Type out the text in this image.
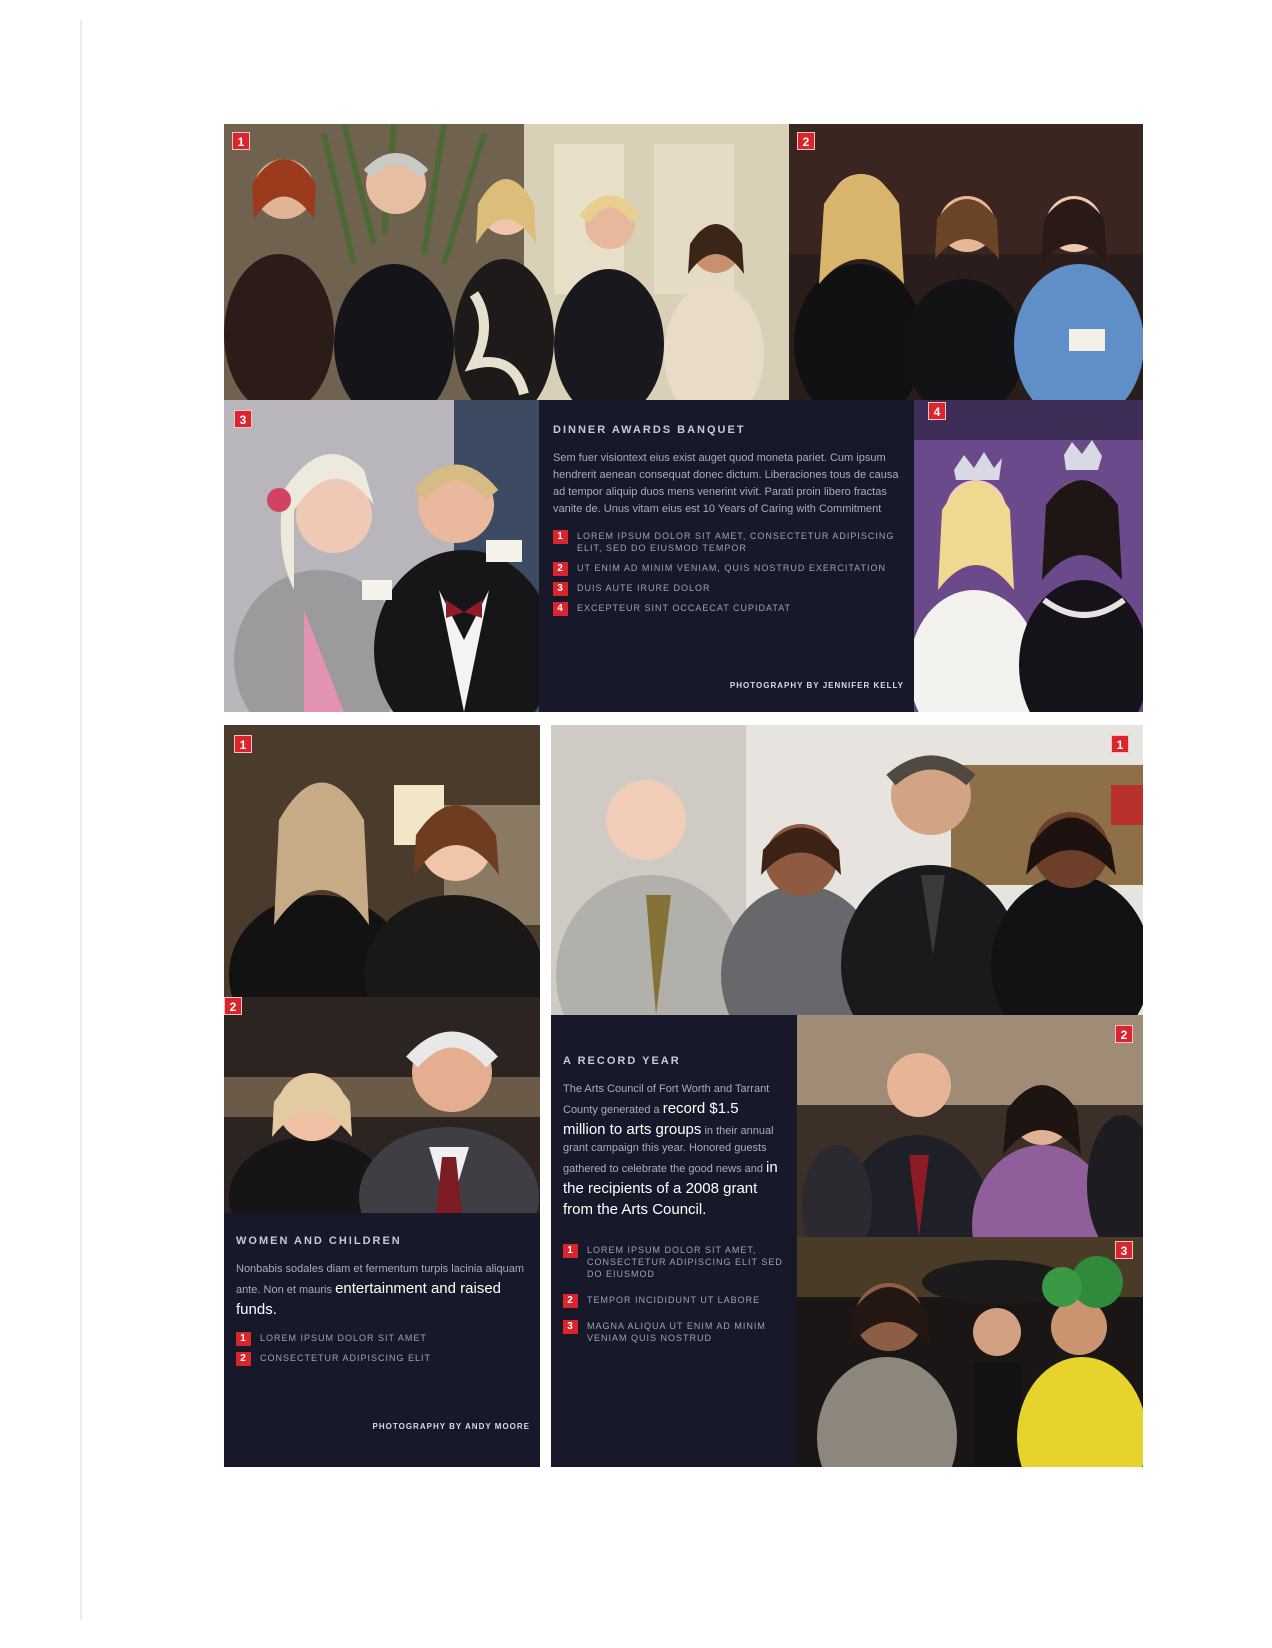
1	2
3
DINNER AWARDS BANQUET

Sem fuer visiontext eius exist auget quod moneta pariet. Cum ipsum hendrerit aenean consequat donec dictum. Liberaciones tous de causa ad tempor aliquip duos mens venerint vivit. Parati proin libero fractas vanite de. Unus vitam eius est 10 Years of Caring with Commitment

1	LOREM IPSUM DOLOR SIT AMET, CONSECTETUR ADIPISCING ELIT, SED DO EIUSMOD TEMPOR
2	UT ENIM AD MINIM VENIAM, QUIS NOSTRUD EXERCITATION
3	DUIS AUTE IRURE DOLOR
4	EXCEPTEUR SINT OCCAECAT CUPIDATAT
PHOTOGRAPHY BY JENNIFER KELLY
4
1
2
WOMEN AND CHILDREN

Nonbabis sodales diam et fermentum turpis lacinia aliquam ante. Non et mauris entertainment and raised funds.

1	LOREM IPSUM DOLOR SIT AMET
2	CONSECTETUR ADIPISCING ELIT
PHOTOGRAPHY BY ANDY MOORE
1
2
3
A RECORD YEAR

The Arts Council of Fort Worth and Tarrant County generated a record $1.5 million to arts groups in their annual grant campaign this year. Honored guests gathered to celebrate the good news and in the recipients of a 2008 grant from the Arts Council.

1	LOREM IPSUM DOLOR SIT AMET, CONSECTETUR ADIPISCING ELIT SED DO EIUSMOD
2	TEMPOR INCIDIDUNT UT LABORE
3	MAGNA ALIQUA UT ENIM AD MINIM VENIAM QUIS NOSTRUD
